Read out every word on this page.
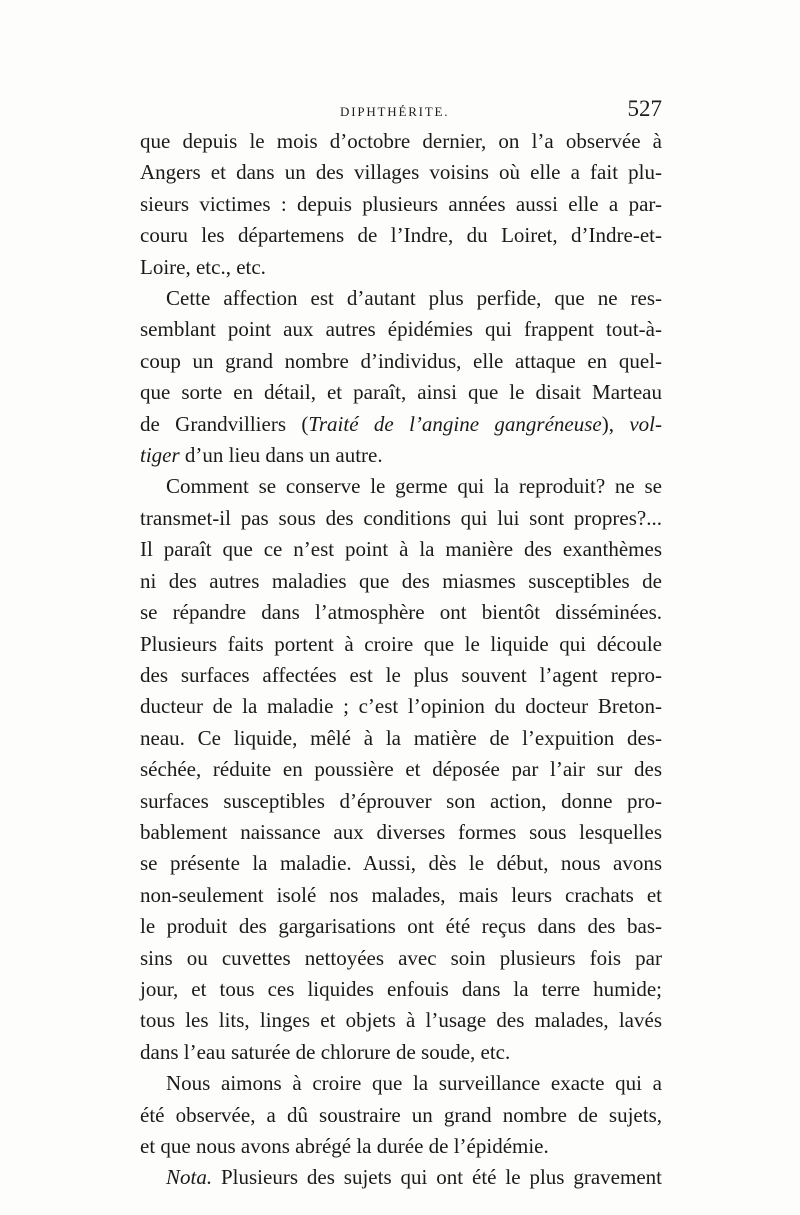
DIPHTHÉRITE.	527
que depuis le mois d’octobre dernier, on l’a observée à
Angers et dans un des villages voisins où elle a fait plu-
sieurs victimes : depuis plusieurs années aussi elle a par-
couru les départemens de l’Indre, du Loiret, d’Indre-et-
Loire, etc., etc.
Cette affection est d’autant plus perfide, que ne res-
semblant point aux autres épidémies qui frappent tout-à-
coup un grand nombre d’individus, elle attaque en quel-
que sorte en détail, et paraît, ainsi que le disait Marteau
de Grandvilliers (Traité de l’angine gangréneuse), vol-
tiger d’un lieu dans un autre.
Comment se conserve le germe qui la reproduit? ne se
transmet-il pas sous des conditions qui lui sont propres?...
Il paraît que ce n’est point à la manière des exanthèmes
ni des autres maladies que des miasmes susceptibles de
se répandre dans l’atmosphère ont bientôt disséminées.
Plusieurs faits portent à croire que le liquide qui découle
des surfaces affectées est le plus souvent l’agent repro-
ducteur de la maladie ; c’est l’opinion du docteur Breton-
neau. Ce liquide, mêlé à la matière de l’expuition des-
séchée, réduite en poussière et déposée par l’air sur des
surfaces susceptibles d’éprouver son action, donne pro-
bablement naissance aux diverses formes sous lesquelles
se présente la maladie. Aussi, dès le début, nous avons
non-seulement isolé nos malades, mais leurs crachats et
le produit des gargarisations ont été reçus dans des bas-
sins ou cuvettes nettoyées avec soin plusieurs fois par
jour, et tous ces liquides enfouis dans la terre humide;
tous les lits, linges et objets à l’usage des malades, lavés
dans l’eau saturée de chlorure de soude, etc.
Nous aimons à croire que la surveillance exacte qui a
été observée, a dû soustraire un grand nombre de sujets,
et que nous avons abrégé la durée de l’épidémie.
Nota. Plusieurs des sujets qui ont été le plus gravement
